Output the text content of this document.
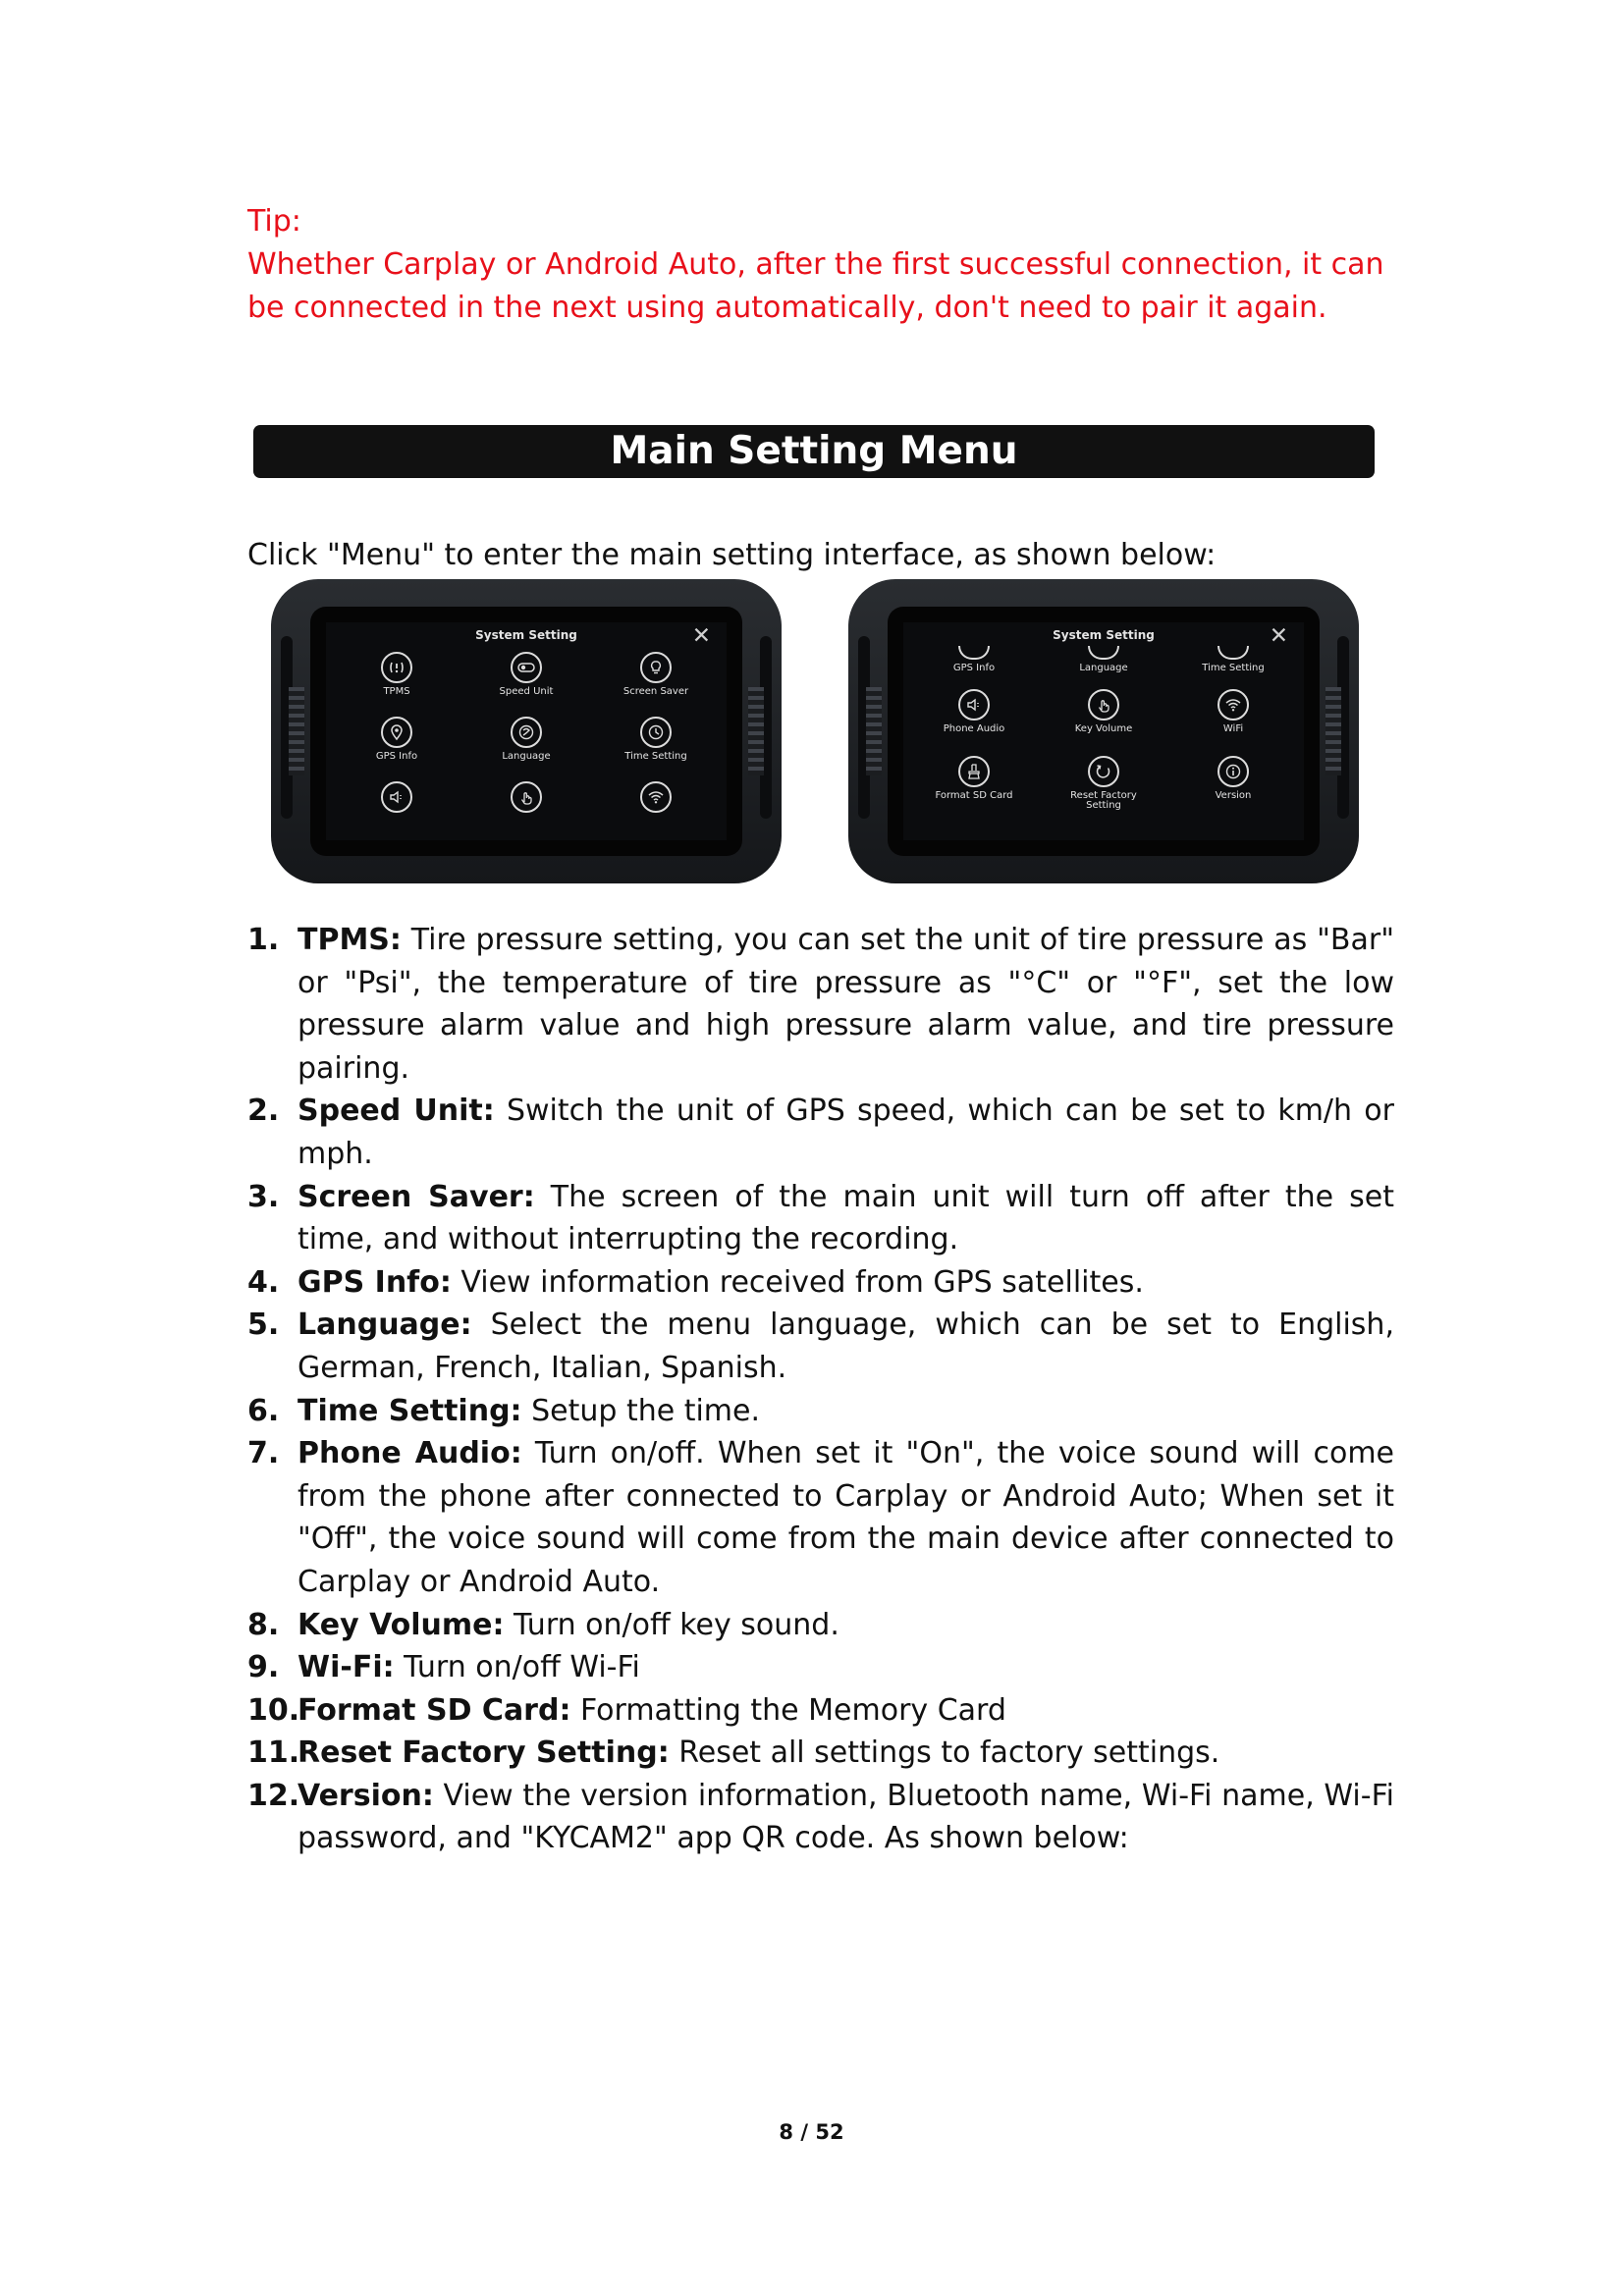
Tip:

Whether Carplay or Android Auto, after the first successful connection, it can be connected in the next using automatically, don't need to pair it again.

Main Setting Menu
Click "Menu" to enter the main setting interface, as shown below:
System Setting	✕
TPMS	Speed Unit	Screen Saver
GPS Info	Language	Time Setting
System Setting	✕
GPS Info	Language	Time Setting
Phone Audio	Key Volume	WiFi
Format SD Card	Reset Factory
Setting
Version
1. TPMS: Tire pressure setting, you can set the unit of tire pressure as "Bar" or "Psi", the temperature of tire pressure as "°C" or "°F", set the low pressure alarm value and high pressure alarm value, and tire pressure pairing.
2. Speed Unit: Switch the unit of GPS speed, which can be set to km/h or mph.
3. Screen Saver: The screen of the main unit will turn off after the set time, and without interrupting the recording.
4. GPS Info: View information received from GPS satellites.
5. Language: Select the menu language, which can be set to English, German, French, Italian, Spanish.
6. Time Setting: Setup the time.
7. Phone Audio: Turn on/off. When set it "On", the voice sound will come from the phone after connected to Carplay or Android Auto; When set it "Off", the voice sound will come from the main device after connected to Carplay or Android Auto.
8. Key Volume: Turn on/off key sound.
9. Wi-Fi: Turn on/off Wi-Fi
10.
Format SD Card: Formatting the Memory Card
11.
Reset Factory Setting: Reset all settings to factory settings.
12.
Version: View the version information, Bluetooth name, Wi-Fi name, Wi-Fi password, and "KYCAM2" app QR code. As shown below:
8 / 52
